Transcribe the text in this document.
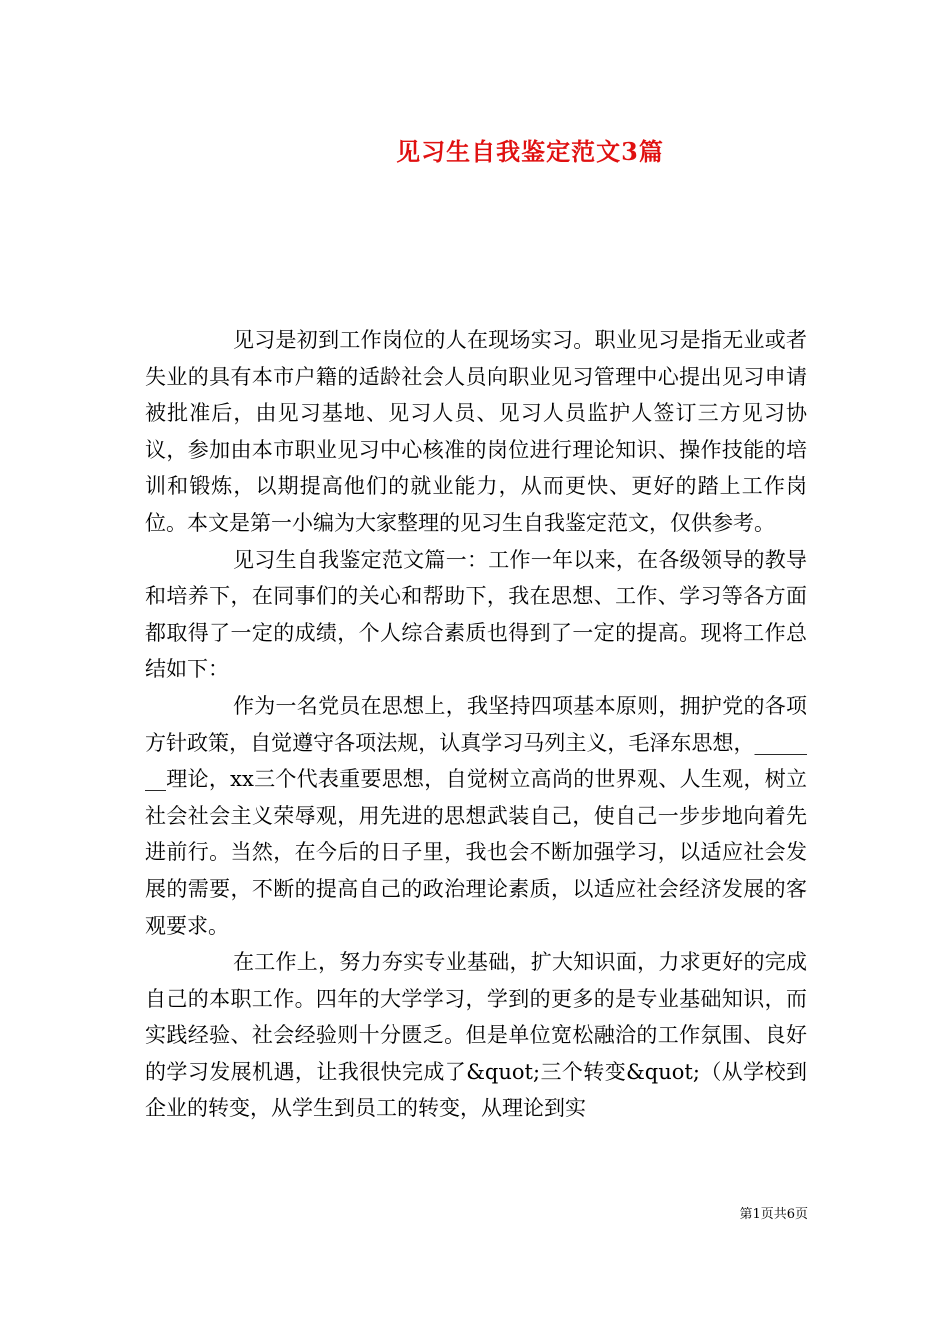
见习生自我鉴定范文3篇

见习是初到工作岗位的人在现场实习。职业见习是指无业或者失业的具有本市户籍的适龄社会人员向职业见习管理中心提出见习申请被批准后，由见习基地、见习人员、见习人员监护人签订三方见习协议，参加由本市职业见习中心核准的岗位进行理论知识、操作技能的培训和锻炼，以期提高他们的就业能力，从而更快、更好的踏上工作岗位。本文是第一小编为大家整理的见习生自我鉴定范文，仅供参考。

见习生自我鉴定范文篇一：工作一年以来，在各级领导的教导和培养下，在同事们的关心和帮助下，我在思想、工作、学习等各方面都取得了一定的成绩，个人综合素质也得到了一定的提高。现将工作总结如下：

作为一名党员在思想上，我坚持四项基本原则，拥护党的各项方针政策，自觉遵守各项法规，认真学习马列主义，毛泽东思想，_______理论，xx三个代表重要思想，自觉树立高尚的世界观、人生观，树立社会社会主义荣辱观，用先进的思想武装自己，使自己一步步地向着先进前行。当然，在今后的日子里，我也会不断加强学习，以适应社会发展的需要，不断的提高自己的政治理论素质，以适应社会经济发展的客观要求。

在工作上，努力夯实专业基础，扩大知识面，力求更好的完成自己的本职工作。四年的大学学习，学到的更多的是专业基础知识，而实践经验、社会经验则十分匮乏。但是单位宽松融洽的工作氛围、良好的学习发展机遇，让我很快完成了&quot;三个转变&quot;（从学校到企业的转变，从学生到员工的转变，从理论到实

第1页共6页
